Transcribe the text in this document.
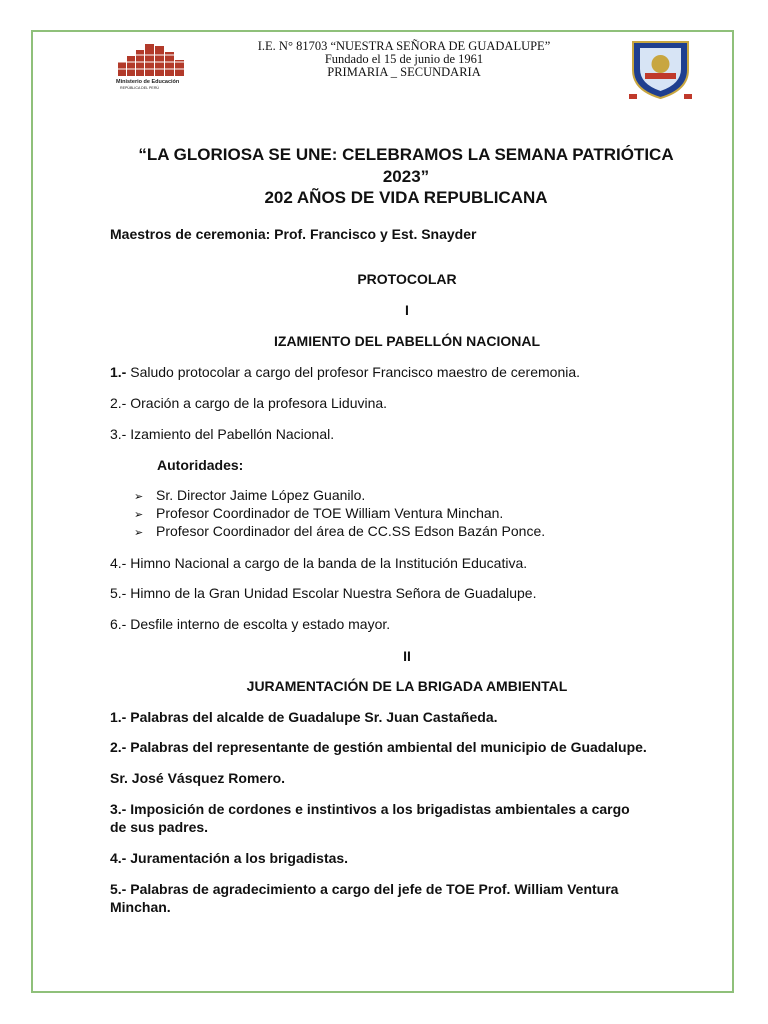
Ministerio de Educación
REPÚBLICA DEL PERÚ
I.E. N° 81703 “NUESTRA SEÑORA DE GUADALUPE”
Fundado el 15 de junio de 1961
PRIMARIA _ SECUNDARIA
“LA GLORIOSA SE UNE: CELEBRAMOS LA SEMANA PATRIÓTICA
2023”
202 AÑOS DE VIDA REPUBLICANA
Maestros de ceremonia: Prof. Francisco y Est. Snayder
PROTOCOLAR
I
IZAMIENTO DEL PABELLÓN NACIONAL
1.- Saludo protocolar a cargo del profesor Francisco maestro de ceremonia.
2.- Oración a cargo de la profesora Liduvina.
3.- Izamiento del Pabellón Nacional.
Autoridades:
➢ Sr. Director Jaime López Guanilo.
➢ Profesor Coordinador de TOE William Ventura Minchan.
➢ Profesor Coordinador del área de CC.SS Edson Bazán Ponce.
4.- Himno Nacional a cargo de la banda de la Institución Educativa.
5.- Himno de la Gran Unidad Escolar Nuestra Señora de Guadalupe.
6.- Desfile interno de escolta y estado mayor.
II
JURAMENTACIÓN DE LA BRIGADA AMBIENTAL
1.- Palabras del alcalde de Guadalupe Sr. Juan Castañeda.
2.- Palabras del representante de gestión ambiental del municipio de Guadalupe.
Sr. José Vásquez Romero.
3.- Imposición de cordones e instintivos a los brigadistas ambientales a cargo
de sus padres.
4.- Juramentación a los brigadistas.
5.- Palabras de agradecimiento a cargo del jefe de TOE Prof. William Ventura
Minchan.
